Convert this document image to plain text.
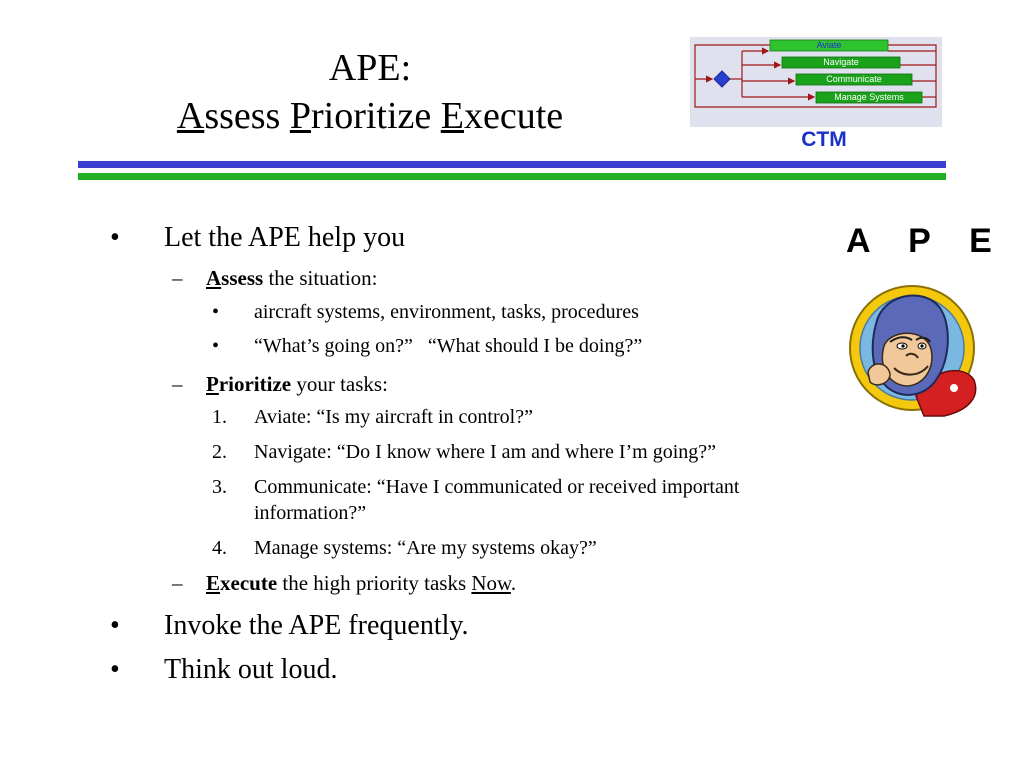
APE:
Assess Prioritize Execute
Aviate
Navigate
Communicate
Manage Systems
CTM
• Let the APE help you
– Assess the situation:
• aircraft systems, environment, tasks, procedures
• “What’s going on?”   “What should I be doing?”
– Prioritize your tasks:
1. Aviate: “Is my aircraft in control?”
2. Navigate: “Do I know where I am and where I’m going?”
3. Communicate: “Have I communicated or received important
information?”
4. Manage systems: “Are my systems okay?”
– Execute the high priority tasks Now.
• Invoke the APE frequently.
• Think out loud.
A  P  E
